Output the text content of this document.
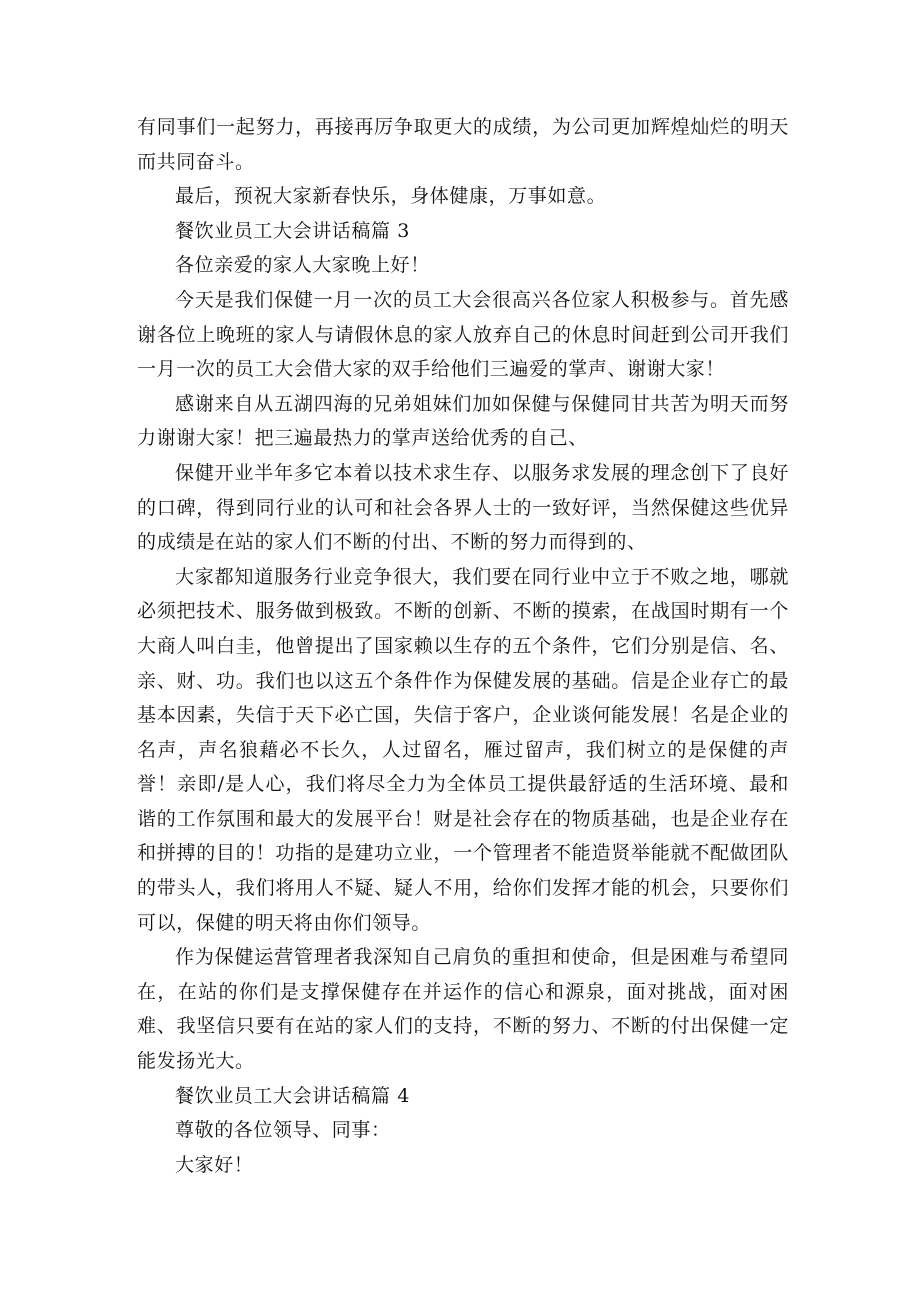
有同事们一起努力，再接再厉争取更大的成绩，为公司更加辉煌灿烂的明天而共同奋斗。

最后，预祝大家新春快乐，身体健康，万事如意。

餐饮业员工大会讲话稿篇 3

各位亲爱的家人大家晚上好！

今天是我们保健一月一次的员工大会很高兴各位家人积极参与。首先感谢各位上晚班的家人与请假休息的家人放弃自己的休息时间赶到公司开我们一月一次的员工大会借大家的双手给他们三遍爱的掌声、谢谢大家！

感谢来自从五湖四海的兄弟姐妹们加如保健与保健同甘共苦为明天而努力谢谢大家！把三遍最热力的掌声送给优秀的自己、

保健开业半年多它本着以技术求生存、以服务求发展的理念创下了良好的口碑，得到同行业的认可和社会各界人士的一致好评，当然保健这些优异的成绩是在站的家人们不断的付出、不断的努力而得到的、

大家都知道服务行业竞争很大，我们要在同行业中立于不败之地，哪就必须把技术、服务做到极致。不断的创新、不断的摸索，在战国时期有一个大商人叫白圭，他曾提出了国家赖以生存的五个条件，它们分别是信、名、亲、财、功。我们也以这五个条件作为保健发展的基础。信是企业存亡的最基本因素，失信于天下必亡国，失信于客户，企业谈何能发展！名是企业的名声，声名狼藉必不长久，人过留名，雁过留声，我们树立的是保健的声誉！亲即/是人心，我们将尽全力为全体员工提供最舒适的生活环境、最和谐的工作氛围和最大的发展平台！财是社会存在的物质基础，也是企业存在和拼搏的目的！功指的是建功立业，一个管理者不能造贤举能就不配做团队的带头人，我们将用人不疑、疑人不用，给你们发挥才能的机会，只要你们可以，保健的明天将由你们领导。

作为保健运营管理者我深知自己肩负的重担和使命，但是困难与希望同在，在站的你们是支撑保健存在并运作的信心和源泉，面对挑战，面对困难、我坚信只要有在站的家人们的支持，不断的努力、不断的付出保健一定能发扬光大。

餐饮业员工大会讲话稿篇 4

尊敬的各位领导、同事：

大家好！
